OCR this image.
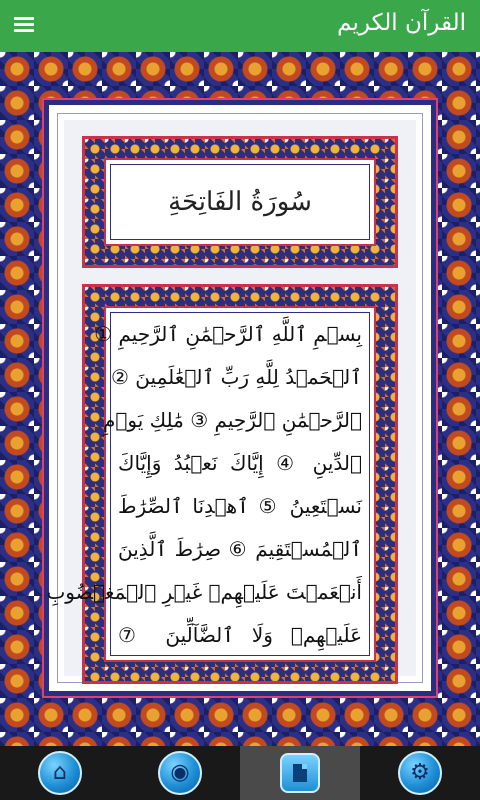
القرآن الكريم
سُورَةُ الفَاتِحَةِ
بِسۡمِ ٱللَّهِ ٱلرَّحۡمَٰنِ ٱلرَّحِيمِ ①
ٱلۡحَمۡدُ لِلَّهِ رَبِّ ٱلۡعَٰلَمِينَ ②
ٱلرَّحۡمَٰنِ ٱلرَّحِيمِ ③ مَٰلِكِ يَوۡمِ
ٱلدِّينِ ④ إِيَّاكَ نَعۡبُدُ وَإِيَّاكَ
نَسۡتَعِينُ ⑤ ٱهۡدِنَا ٱلصِّرَٰطَ
ٱلۡمُسۡتَقِيمَ ⑥ صِرَٰطَ ٱلَّذِينَ
أَنۡعَمۡتَ عَلَيۡهِمۡ غَيۡرِ ٱلۡمَغۡضُوبِ
عَلَيۡهِمۡ وَلَا ٱلضَّآلِّينَ ⑦
⌂	◉	⚙
